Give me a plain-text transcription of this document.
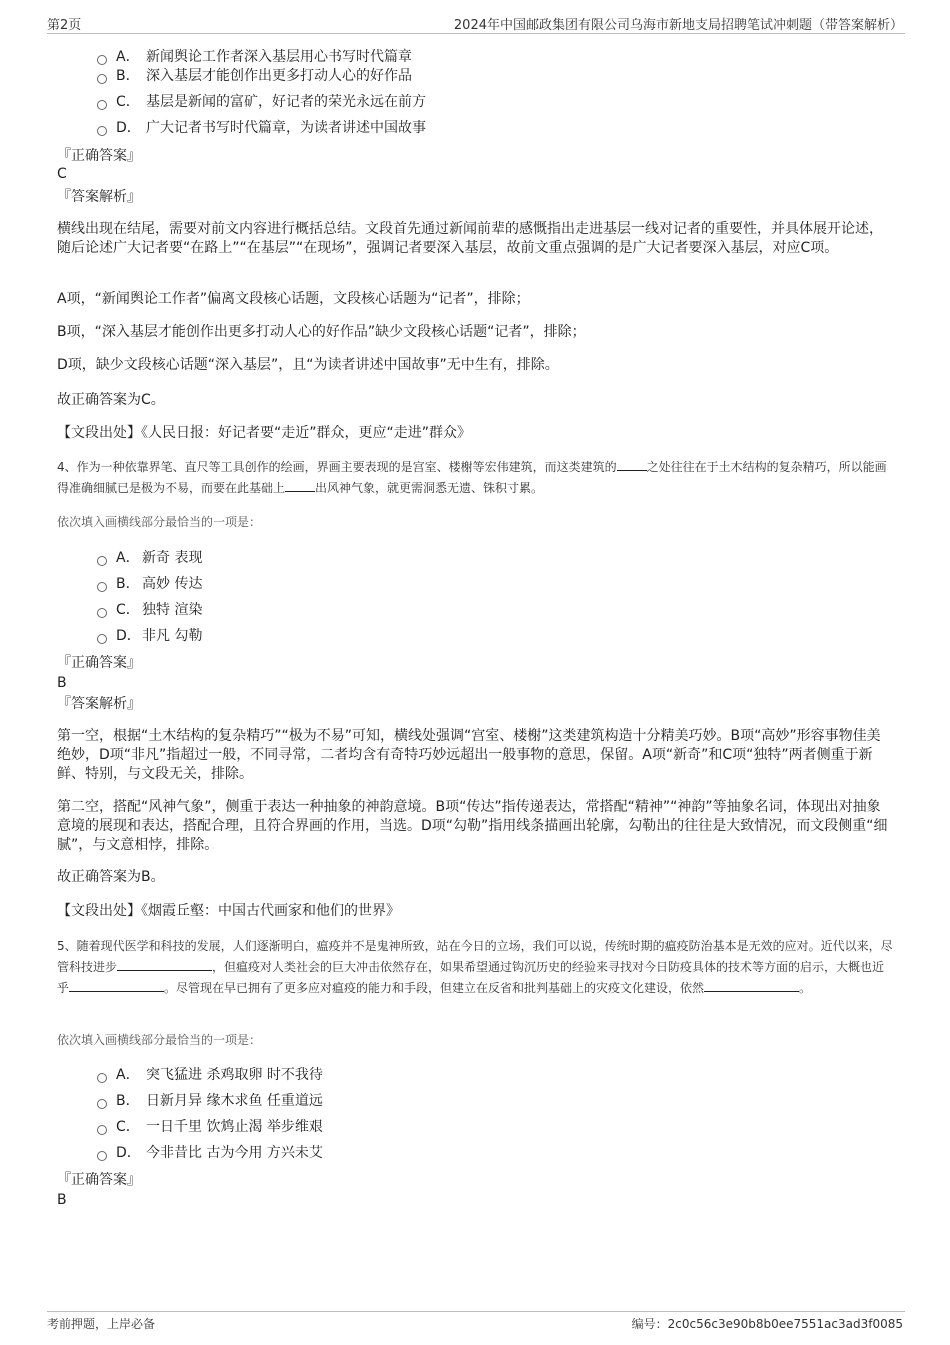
第2页	2024年中国邮政集团有限公司乌海市新地支局招聘笔试冲刺题（带答案解析）
A． 新闻舆论工作者深入基层用心书写时代篇章
B． 深入基层才能创作出更多打动人心的好作品
C． 基层是新闻的富矿，好记者的荣光永远在前方
D． 广大记者书写时代篇章，为读者讲述中国故事
『正确答案』
C
『答案解析』

横线出现在结尾，需要对前文内容进行概括总结。文段首先通过新闻前辈的感慨指出走进基层一线对记者的重要性，并具体展开论述，随后论述广大记者要“在路上”“在基层”“在现场”，强调记者要深入基层，故前文重点强调的是广大记者要深入基层，对应C项。

A项，“新闻舆论工作者”偏离文段核心话题，文段核心话题为“记者”，排除；

B项，“深入基层才能创作出更多打动人心的好作品”缺少文段核心话题“记者”，排除；

D项，缺少文段核心话题“深入基层”，且“为读者讲述中国故事”无中生有，排除。

故正确答案为C。

【文段出处】《人民日报：好记者要“走近”群众，更应“走进”群众》

4、作为一种依靠界笔、直尺等工具创作的绘画，界画主要表现的是宫室、楼榭等宏伟建筑，而这类建筑的	之处往往在于土木结构的复杂精巧，所以能画得准确细腻已是极为不易，而要在此基础上	出风神气象，就更需洞悉无遗、铢积寸累。

依次填入画横线部分最恰当的一项是：
A． 新奇 表现
B． 高妙 传达
C． 独特 渲染
D．非凡 勾勒
『正确答案』
B
『答案解析』

第一空，根据“土木结构的复杂精巧”“极为不易”可知，横线处强调“宫室、楼榭”这类建筑构造十分精美巧妙。B项“高妙”形容事物佳美绝妙，D项“非凡”指超过一般，不同寻常，二者均含有奇特巧妙远超出一般事物的意思，保留。A项“新奇”和C项“独特”两者侧重于新鲜、特别，与文段无关，排除。

第二空，搭配“风神气象”，侧重于表达一种抽象的神韵意境。B项“传达”指传递表达，常搭配“精神”“神韵”等抽象名词，体现出对抽象意境的展现和表达，搭配合理，且符合界画的作用，当选。D项“勾勒”指用线条描画出轮廓，勾勒出的往往是大致情况，而文段侧重“细腻”，与文意相悖，排除。

故正确答案为B。

【文段出处】《烟霞丘壑：中国古代画家和他们的世界》

5、随着现代医学和科技的发展，人们逐渐明白，瘟疫并不是鬼神所致，站在今日的立场，我们可以说，传统时期的瘟疫防治基本是无效的应对。近代以来，尽管科技进步	，但瘟疫对人类社会的巨大冲击依然存在，如果希望通过钩沉历史的经验来寻找对今日防疫具体的技术等方面的启示，大概也近乎	。尽管现在早已拥有了更多应对瘟疫的能力和手段，但建立在反省和批判基础上的灾疫文化建设，依然	。

依次填入画横线部分最恰当的一项是：
A． 突飞猛进 杀鸡取卵 时不我待
B． 日新月异 缘木求鱼 任重道远
C． 一日千里 饮鸩止渴 举步维艰
D． 今非昔比 古为今用 方兴未艾
『正确答案』
B
考前押题，上岸必备	编号：2c0c56c3e90b8b0ee7551ac3ad3f0085
